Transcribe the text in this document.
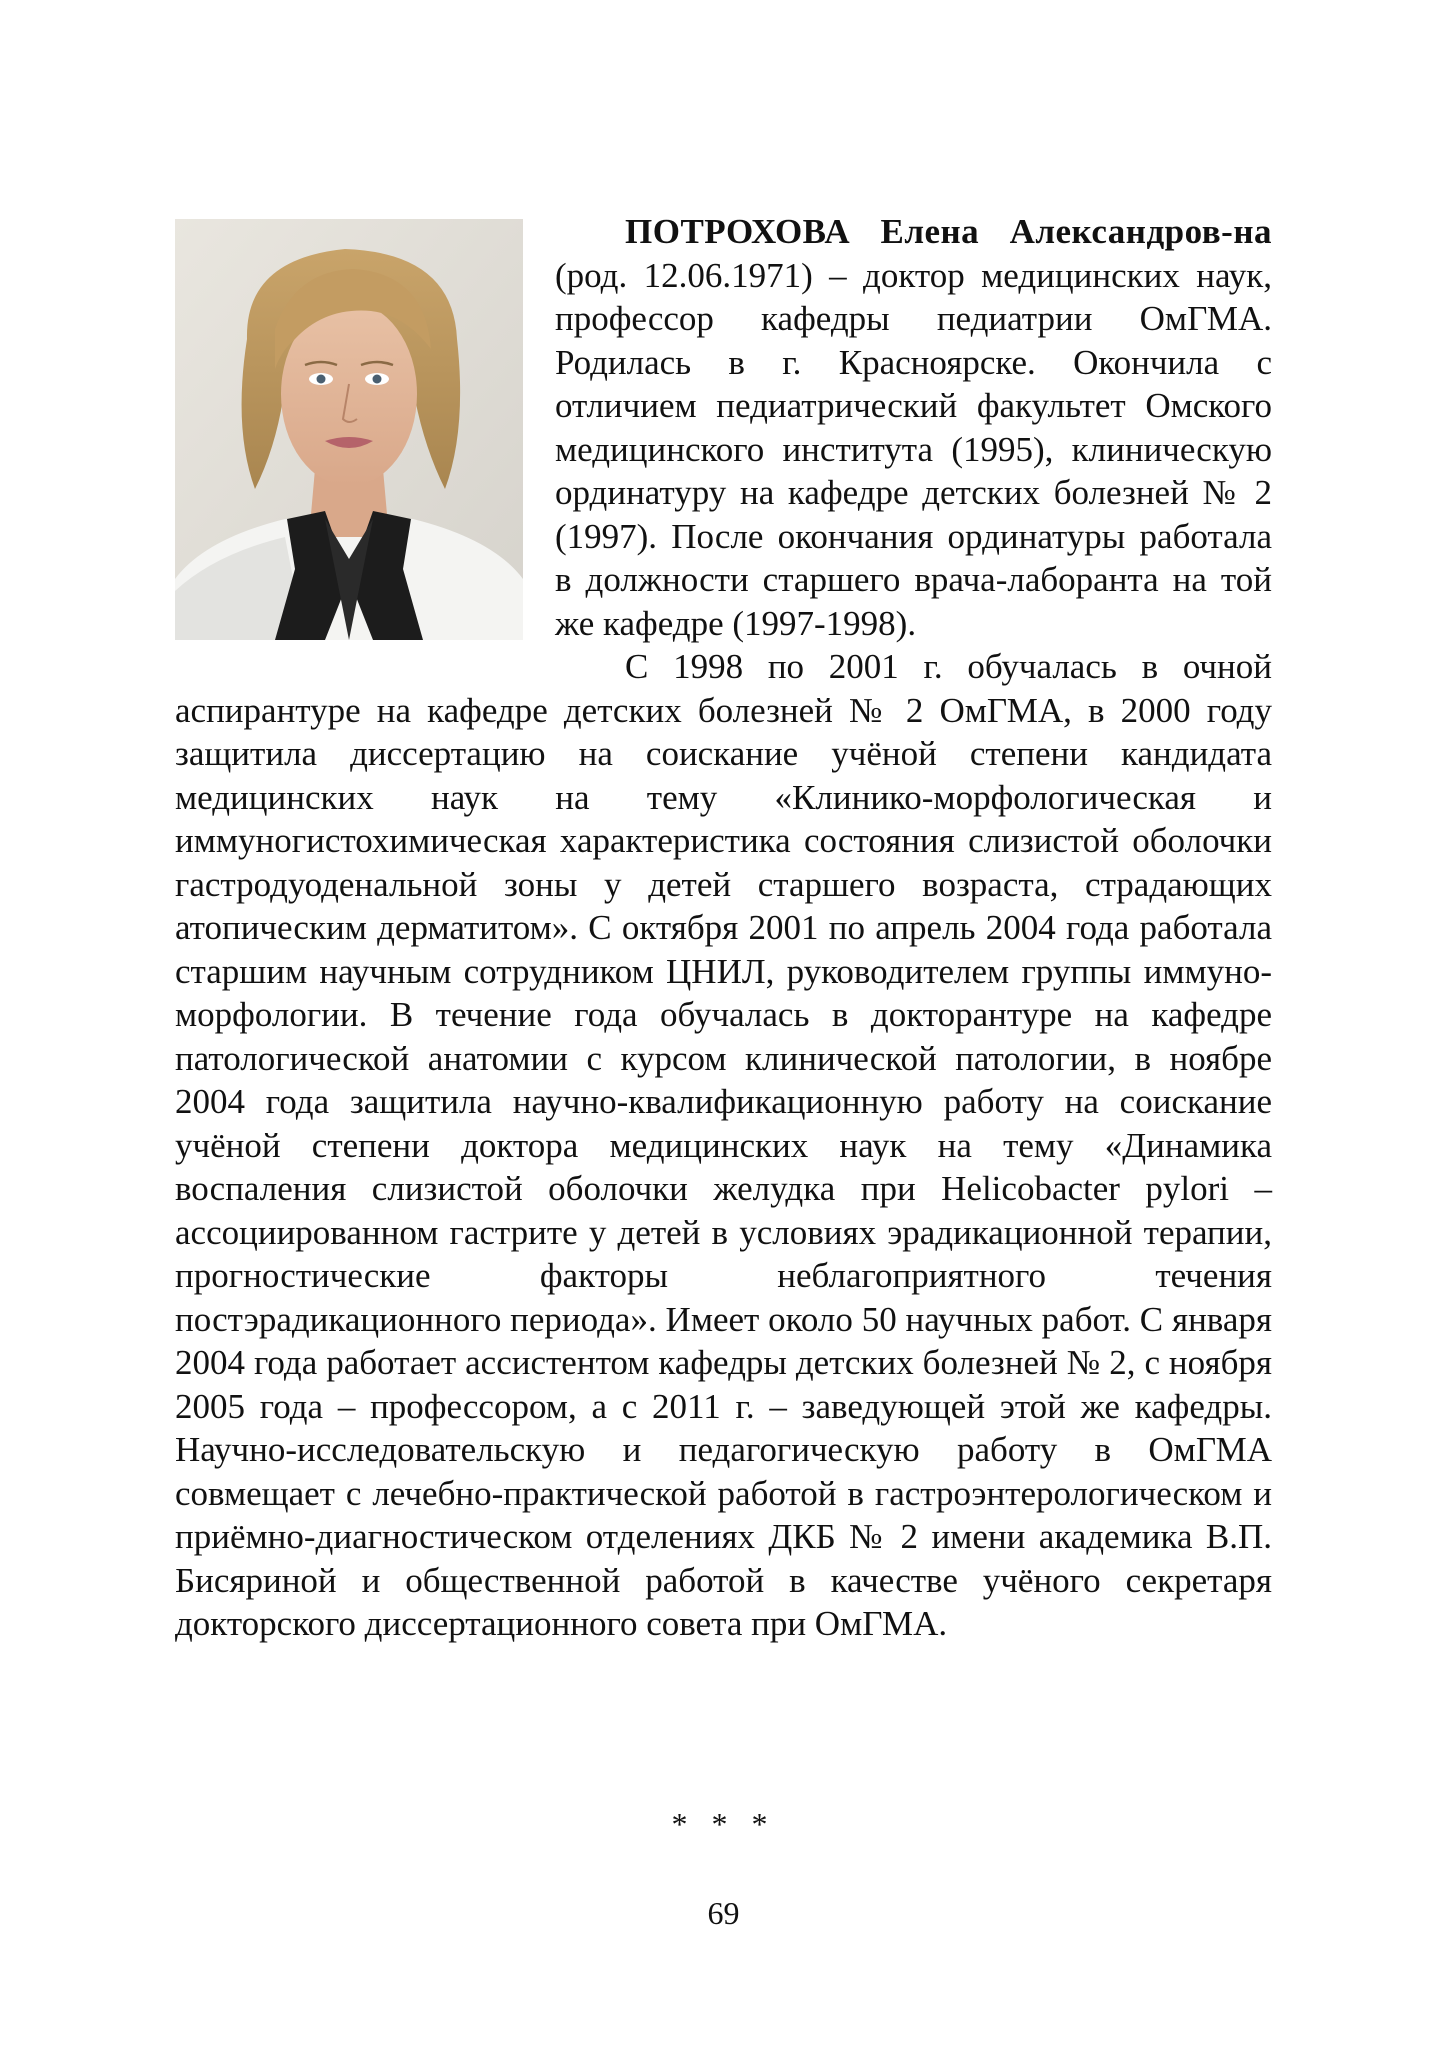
ПОТРОХОВА Елена Александров-на (род. 12.06.1971) – доктор медицинских наук, профессор кафедры педиатрии ОмГМА. Родилась в г. Красноярске. Окончила с отличием педиатрический факультет Омского медицинского института (1995), клиническую ординатуру на кафедре детских болезней № 2 (1997). После окончания ординатуры работала в должности старшего врача-лаборанта на той же кафедре (1997-1998).

С 1998 по 2001 г. обучалась в очной аспирантуре на кафедре детских болезней № 2 ОмГМА, в 2000 году защитила диссертацию на соискание учёной степени кандидата медицинских наук на тему «Клинико-морфологическая и иммуногистохимическая характеристика состояния слизистой оболочки гастродуоденальной зоны у детей старшего возраста, страдающих атопическим дерматитом». С октября 2001 по апрель 2004 года работала старшим научным сотрудником ЦНИЛ, руководителем группы иммуноморфологии. В течение года обучалась в докторантуре на кафедре патологической анатомии с курсом клинической патологии, в ноябре 2004 года защитила научно-квалификационную работу на соискание учёной степени доктора медицинских наук на тему «Динамика воспаления слизистой оболочки желудка при Helicobacter pylori – ассоциированном гастрите у детей в условиях эрадикационной терапии, прогностические факторы неблагоприятного течения постэрадикационного периода». Имеет около 50 научных работ. С января 2004 года работает ассистентом кафедры детских болезней № 2, с ноября 2005 года – профессором, а с 2011 г. – заведующей этой же кафедры. Научно-исследовательскую и педагогическую работу в ОмГМА совмещает с лечебно-практической работой в гастроэнтерологическом и приёмно-диагностическом отделениях ДКБ № 2 имени академика В.П. Бисяриной и общественной работой в качестве учёного секретаря докторского диссертационного совета при ОмГМА.

* * *
69
